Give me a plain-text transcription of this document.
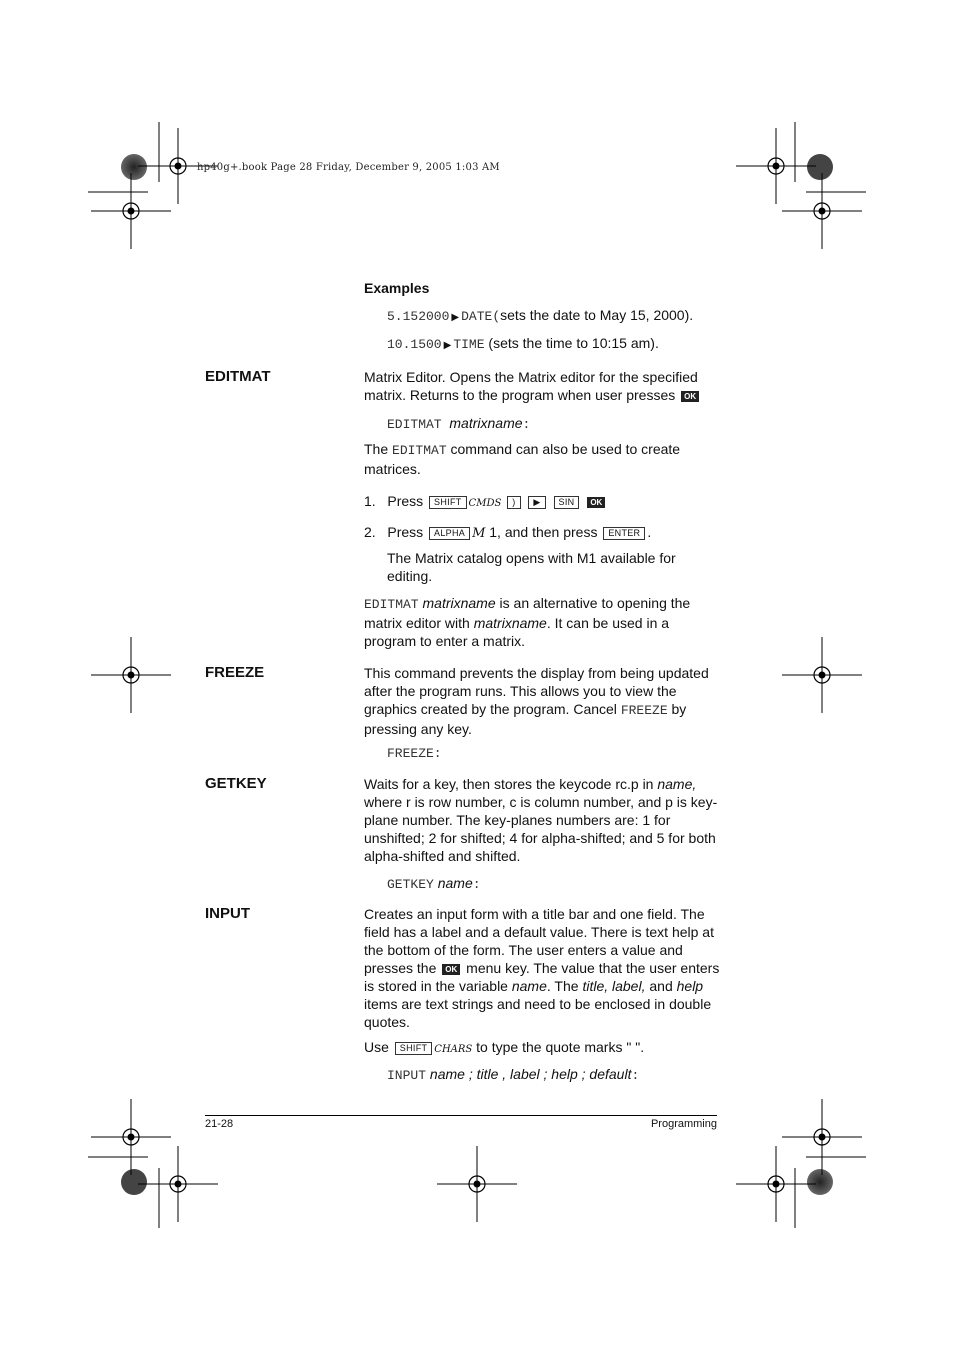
hp40g+.book Page 28 Friday, December 9, 2005 1:03 AM
Examples
5.152000 ▶ DATE(sets the date to May 15, 2000).
10.1500 ▶ TIME (sets the time to 10:15 am).
EDITMAT	Matrix Editor. Opens the Matrix editor for the specified
matrix. Returns to the program when user presses OK
EDITMAT matrixname:
The EDITMAT command can also be used to create
matrices.
1. Press SHIFT CMDS ) ▶ SIN OK
2. Press ALPHA M 1, and then press ENTER .
The Matrix catalog opens with M1 available for
editing.
EDITMAT matrixname is an alternative to opening the
matrix editor with matrixname. It can be used in a
program to enter a matrix.
FREEZE	This command prevents the display from being updated
after the program runs. This allows you to view the
graphics created by the program. Cancel FREEZE by
pressing any key.
FREEZE:
GETKEY	Waits for a key, then stores the keycode rc.p in name,
where r is row number, c is column number, and p is key-
plane number. The key-planes numbers are: 1 for
unshifted; 2 for shifted; 4 for alpha-shifted; and 5 for both
alpha-shifted and shifted.
GETKEY name:
INPUT	Creates an input form with a title bar and one field. The
field has a label and a default value. There is text help at
the bottom of the form. The user enters a value and
presses the OK menu key. The value that the user enters
is stored in the variable name. The title, label, and help
items are text strings and need to be enclosed in double
quotes.
Use SHIFT CHARS to type the quote marks " ".
INPUT name ; title , label ; help ; default:
21-28	Programming
